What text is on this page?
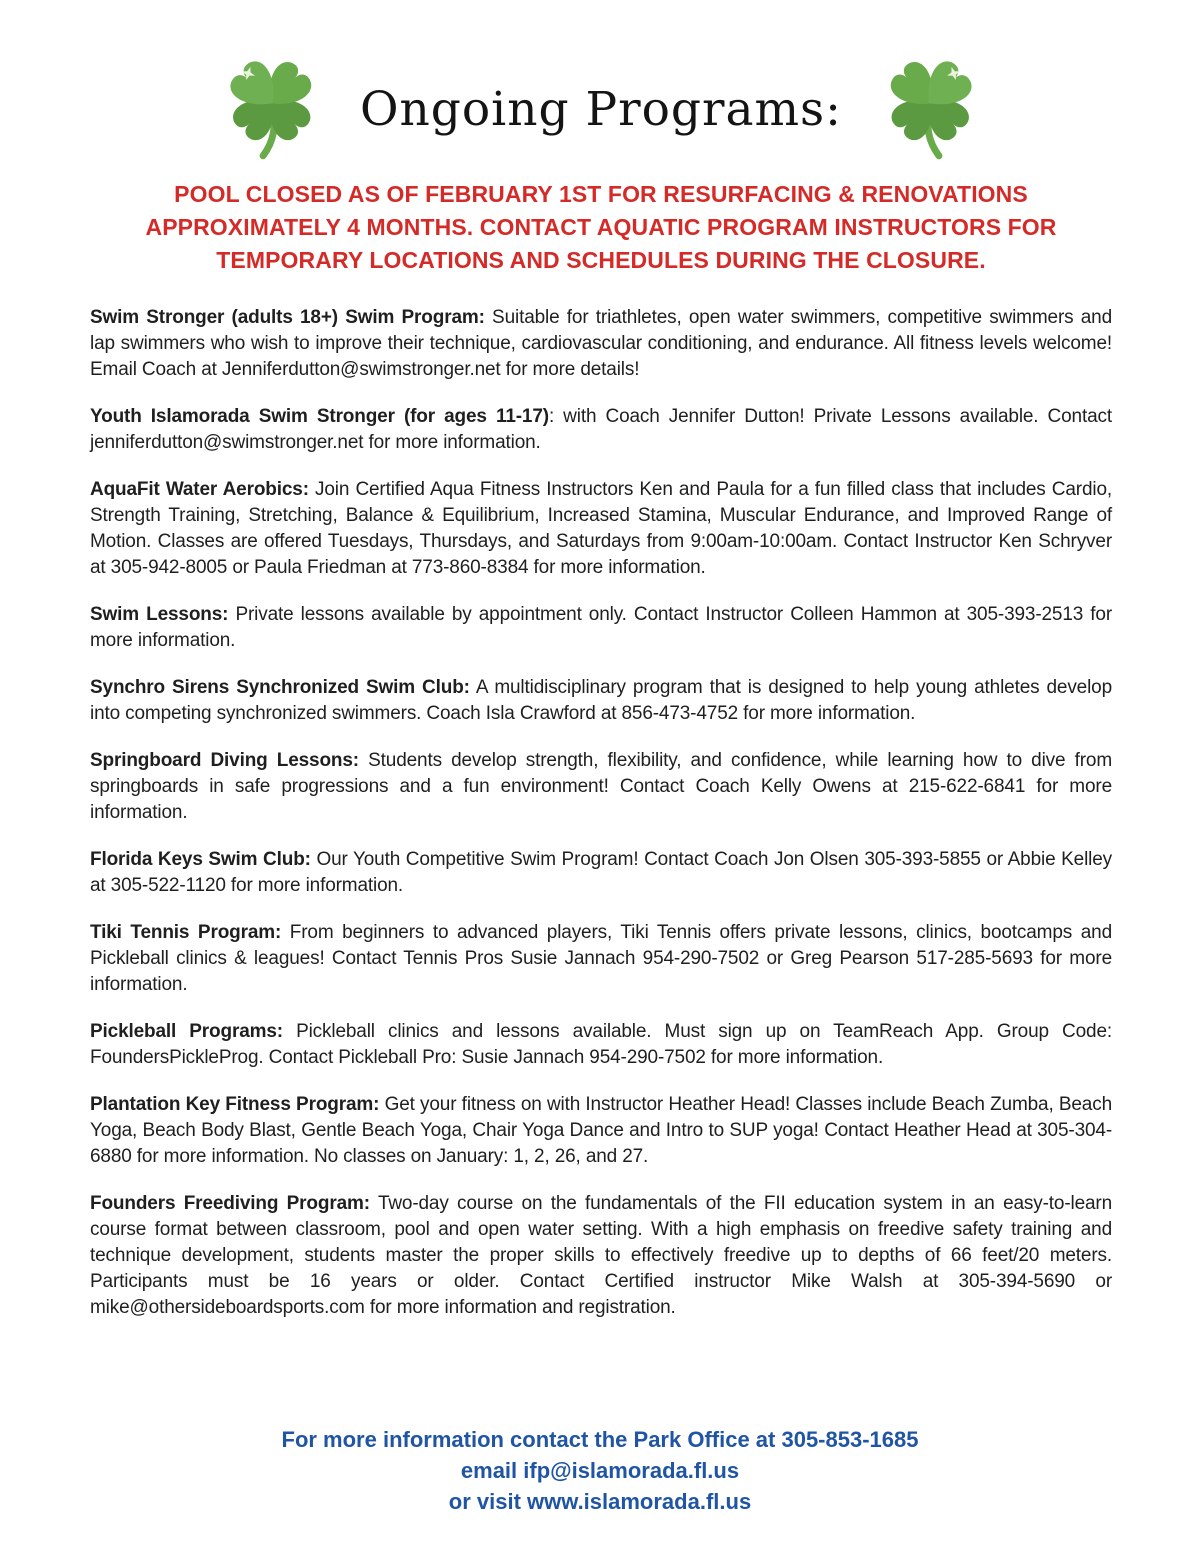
Ongoing Programs:
POOL CLOSED AS OF FEBRUARY 1ST FOR RESURFACING & RENOVATIONS
APPROXIMATELY 4 MONTHS. CONTACT AQUATIC PROGRAM INSTRUCTORS FOR
TEMPORARY LOCATIONS AND SCHEDULES DURING THE CLOSURE.

Swim Stronger (adults 18+) Swim Program: Suitable for triathletes, open water swimmers, competitive swimmers and lap swimmers who wish to improve their technique, cardiovascular conditioning, and endurance. All fitness levels welcome! Email Coach at Jenniferdutton@swimstronger.net for more details!

Youth Islamorada Swim Stronger (for ages 11-17): with Coach Jennifer Dutton! Private Lessons available. Contact jenniferdutton@swimstronger.net for more information.

AquaFit Water Aerobics: Join Certified Aqua Fitness Instructors Ken and Paula for a fun filled class that includes Cardio, Strength Training, Stretching, Balance & Equilibrium, Increased Stamina, Muscular Endurance, and Improved Range of Motion. Classes are offered Tuesdays, Thursdays, and Saturdays from 9:00am-10:00am. Contact Instructor Ken Schryver at 305-942-8005 or Paula Friedman at 773-860-8384 for more information.

Swim Lessons: Private lessons available by appointment only. Contact Instructor Colleen Hammon at 305-393-2513 for more information.

Synchro Sirens Synchronized Swim Club: A multidisciplinary program that is designed to help young athletes develop into competing synchronized swimmers. Coach Isla Crawford at 856-473-4752 for more information.

Springboard Diving Lessons: Students develop strength, flexibility, and confidence, while learning how to dive from springboards in safe progressions and a fun environment! Contact Coach Kelly Owens at 215-622-6841 for more information.

Florida Keys Swim Club: Our Youth Competitive Swim Program! Contact Coach Jon Olsen 305-393-5855 or Abbie Kelley at 305-522-1120 for more information.

Tiki Tennis Program: From beginners to advanced players, Tiki Tennis offers private lessons, clinics, bootcamps and Pickleball clinics & leagues! Contact Tennis Pros Susie Jannach 954-290-7502 or Greg Pearson 517-285-5693 for more information.

Pickleball Programs: Pickleball clinics and lessons available. Must sign up on TeamReach App. Group Code: FoundersPickleProg. Contact Pickleball Pro: Susie Jannach 954-290-7502 for more information.

Plantation Key Fitness Program: Get your fitness on with Instructor Heather Head! Classes include Beach Zumba, Beach Yoga, Beach Body Blast, Gentle Beach Yoga, Chair Yoga Dance and Intro to SUP yoga! Contact Heather Head at 305-304-6880 for more information. No classes on January: 1, 2, 26, and 27.

Founders Freediving Program: Two-day course on the fundamentals of the FII education system in an easy-to-learn course format between classroom, pool and open water setting. With a high emphasis on freedive safety training and technique development, students master the proper skills to effectively freedive up to depths of 66 feet/20 meters. Participants must be 16 years or older. Contact Certified instructor Mike Walsh at 305-394-5690 or mike@othersideboardsports.com for more information and registration.

For more information contact the Park Office at 305-853-1685
email ifp@islamorada.fl.us
or visit www.islamorada.fl.us
